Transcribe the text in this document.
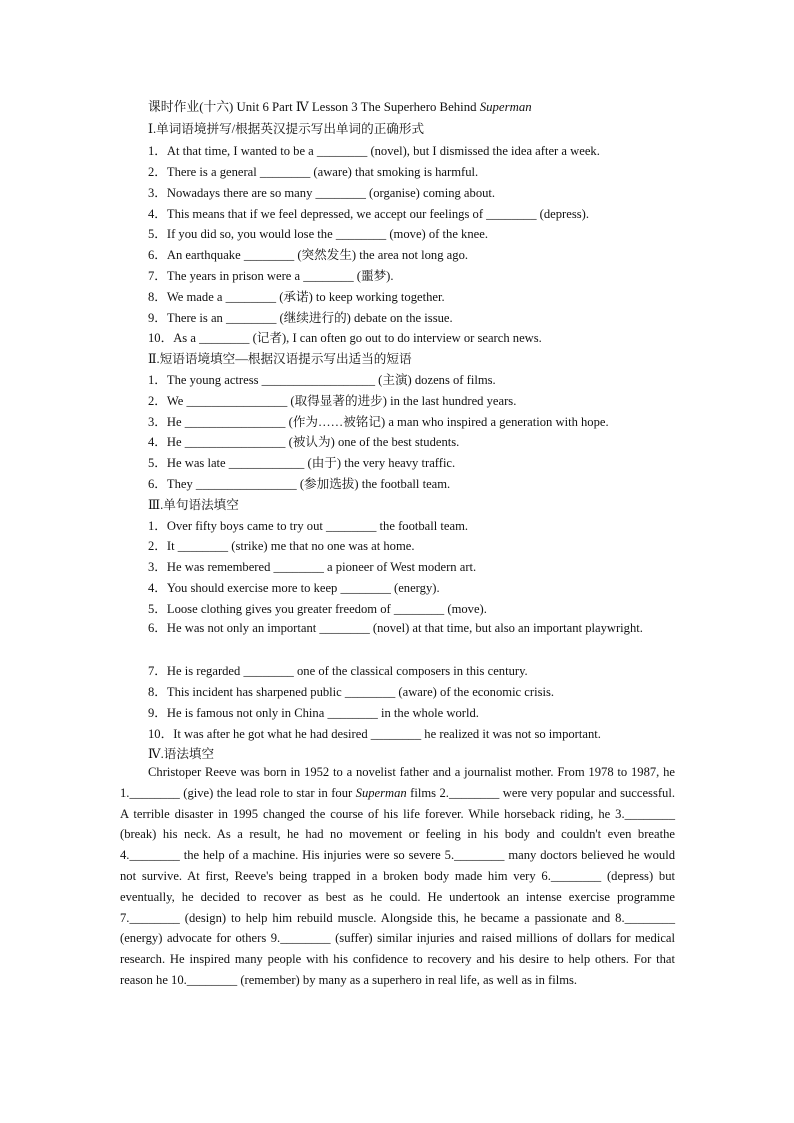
课时作业(十六) Unit 6 Part Ⅳ Lesson 3 The Superhero Behind Superman
Ⅰ.单词语境拼写/根据英汉提示写出单词的正确形式
1．At that time, I wanted to be a ________ (novel), but I dismissed the idea after a week.
2．There is a general ________ (aware) that smoking is harmful.
3．Nowadays there are so many ________ (organise) coming about.
4．This means that if we feel depressed, we accept our feelings of ________ (depress).
5．If you did so, you would lose the ________ (move) of the knee.
6．An earthquake ________ (突然发生) the area not long ago.
7．The years in prison were a ________ (噩梦).
8．We made a ________ (承诺) to keep working together.
9．There is an ________ (继续进行的) debate on the issue.
10．As a ________ (记者), I can often go out to do interview or search news.
Ⅱ.短语语境填空—根据汉语提示写出适当的短语
1．The young actress __________________ (主演) dozens of films.
2．We ________________ (取得显著的进步) in the last hundred years.
3．He ________________ (作为……被铭记) a man who inspired a generation with hope.
4．He ________________ (被认为) one of the best students.
5．He was late ____________ (由于) the very heavy traffic.
6．They ________________ (参加选拔) the football team.
Ⅲ.单句语法填空
1．Over fifty boys came to try out ________ the football team.
2．It ________ (strike) me that no one was at home.
3．He was remembered ________ a pioneer of West modern art.
4．You should exercise more to keep ________ (energy).
5．Loose clothing gives you greater freedom of ________ (move).
6．He was not only an important ________ (novel) at that time, but also an important playwright.
7．He is regarded ________ one of the classical composers in this century.
8．This incident has sharpened public ________ (aware) of the economic crisis.
9．He is famous not only in China ________ in the whole world.
10．It was after he got what he had desired ________ he realized it was not so important.
Ⅳ.语法填空
Christoper Reeve was born in 1952 to a novelist father and a journalist mother. From 1978 to 1987, he 1.________ (give) the lead role to star in four Superman films 2.________ were very popular and successful. A terrible disaster in 1995 changed the course of his life forever. While horseback riding, he 3.________ (break) his neck. As a result, he had no movement or feeling in his body and couldn't even breathe 4.________ the help of a machine. His injuries were so severe 5.________ many doctors believed he would not survive. At first, Reeve's being trapped in a broken body made him very 6.________ (depress) but eventually, he decided to recover as best as he could. He undertook an intense exercise programme 7.________ (design) to help him rebuild muscle. Alongside this, he became a passionate and 8.________ (energy) advocate for others 9.________ (suffer) similar injuries and raised millions of dollars for medical research. He inspired many people with his confidence to recovery and his desire to help others. For that reason he 10.________ (remember) by many as a superhero in real life, as well as in films.
